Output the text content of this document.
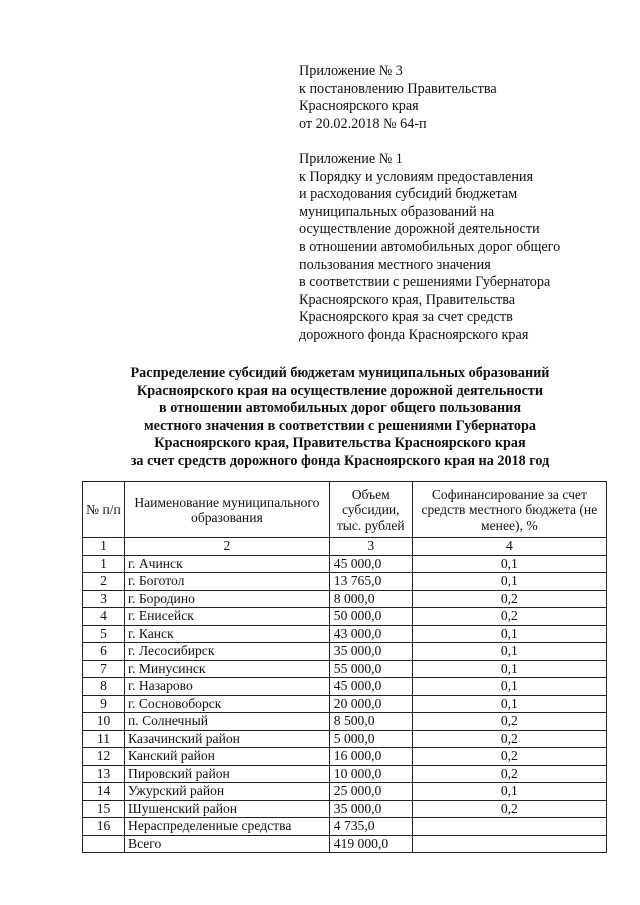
Приложение № 3
к постановлению Правительства
Красноярского края
от 20.02.2018 № 64-п
Приложение № 1
к Порядку и условиям предоставления
и расходования субсидий бюджетам
муниципальных образований на
осуществление дорожной деятельности
в отношении автомобильных дорог общего
пользования местного значения
в соответствии с решениями Губернатора
Красноярского края, Правительства
Красноярского края за счет средств
дорожного фонда Красноярского края
Распределение субсидий бюджетам муниципальных образований
Красноярского края на осуществление дорожной деятельности
в отношении автомобильных дорог общего пользования
местного значения в соответствии с решениями Губернатора
Красноярского края, Правительства Красноярского края
за счет средств дорожного фонда Красноярского края на 2018 год
№ п/п	Наименование муниципального образования	Объем субсидии, тыс. рублей	Софинансирование за счет средств местного бюджета (не менее), %
1	2	3	4
1	г. Ачинск	45 000,0	0,1
2	г. Боготол	13 765,0	0,1
3	г. Бородино	8 000,0	0,2
4	г. Енисейск	50 000,0	0,2
5	г. Канск	43 000,0	0,1
6	г. Лесосибирск	35 000,0	0,1
7	г. Минусинск	55 000,0	0,1
8	г. Назарово	45 000,0	0,1
9	г. Сосновоборск	20 000,0	0,1
10	п. Солнечный	8 500,0	0,2
11	Казачинский район	5 000,0	0,2
12	Канский район	16 000,0	0,2
13	Пировский район	10 000,0	0,2
14	Ужурский район	25 000,0	0,1
15	Шушенский район	35 000,0	0,2
16	Нераспределенные средства	4 735,0	
	Всего	419 000,0	
